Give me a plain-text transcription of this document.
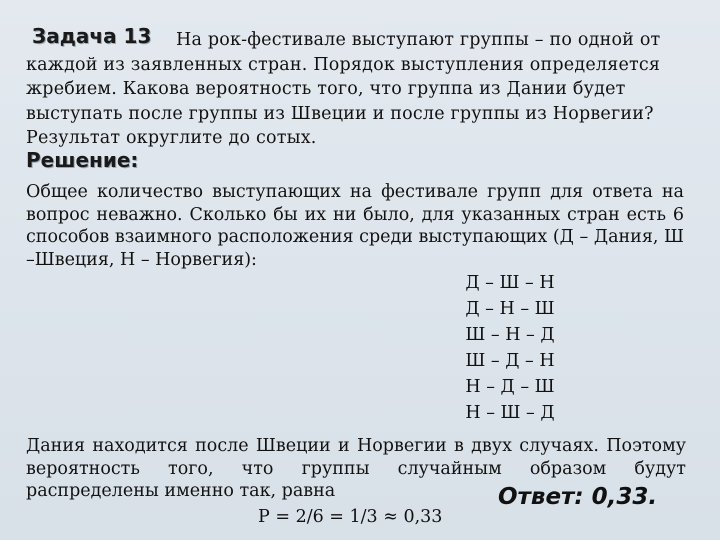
На рок-фестивале выступают группы – по одной от каждой из заявленных стран. Порядок выступления определяется жребием. Какова вероятность того, что группа из Дании будет выступать после группы из Швеции и после группы из Норвегии? Результат округлите до сотых.
Задача 13
Решение:
Общее количество выступающих на фестивале групп для ответа на вопрос неважно. Сколько бы их ни было, для указанных стран есть 6 способов взаимного расположения среди выступающих (Д – Дания, Ш –Швеция, Н – Норвегия):
Д – Ш – Н
Д – Н – Ш
Ш – Н – Д
Ш – Д – Н
Н – Д – Ш
Н – Ш – Д
Дания находится после Швеции и Норвегии в двух случаях. Поэтому вероятность того, что группы случайным образом будут распределены именно так, равна
Р = 2/6 = 1/3 ≈ 0,33
Ответ: 0,33.
